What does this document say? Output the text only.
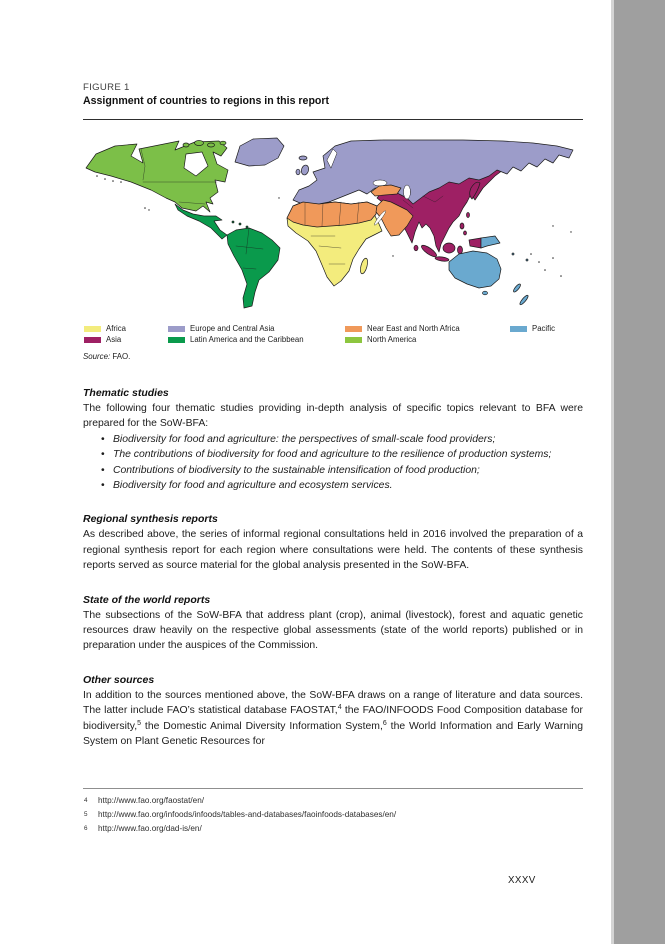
FIGURE 1
Assignment of countries to regions in this report
Africa
Asia
Europe and Central Asia
Latin America and the Caribbean
Near East and North Africa
North America
Pacific
Source: FAO.
Thematic studies

The following four thematic studies providing in-depth analysis of specific topics relevant to BFA were prepared for the SoW-BFA:

• Biodiversity for food and agriculture: the perspectives of small-scale food providers;
• The contributions of biodiversity for food and agriculture to the resilience of production systems;
• Contributions of biodiversity to the sustainable intensification of food production;
• Biodiversity for food and agriculture and ecosystem services.
Regional synthesis reports

As described above, the series of informal regional consultations held in 2016 involved the preparation of a regional synthesis report for each region where consultations were held. The contents of these synthesis reports served as source material for the global analysis presented in the SoW-BFA.

State of the world reports

The subsections of the SoW-BFA that address plant (crop), animal (livestock), forest and aquatic genetic resources draw heavily on the respective global assessments (state of the world reports) published or in preparation under the auspices of the Commission.

Other sources

In addition to the sources mentioned above, the SoW-BFA draws on a range of literature and data sources. The latter include FAO’s statistical database FAOSTAT,$^4$ the FAO/INFOODS Food Composition database for biodiversity,$^5$ the Domestic Animal Diversity Information System,$^6$ the World Information and Early Warning System on Plant Genetic Resources for

4	http://www.fao.org/faostat/en/
5	http://www.fao.org/infoods/infoods/tables-and-databases/faoinfoods-databases/en/
6	http://www.fao.org/dad-is/en/
XXXV
